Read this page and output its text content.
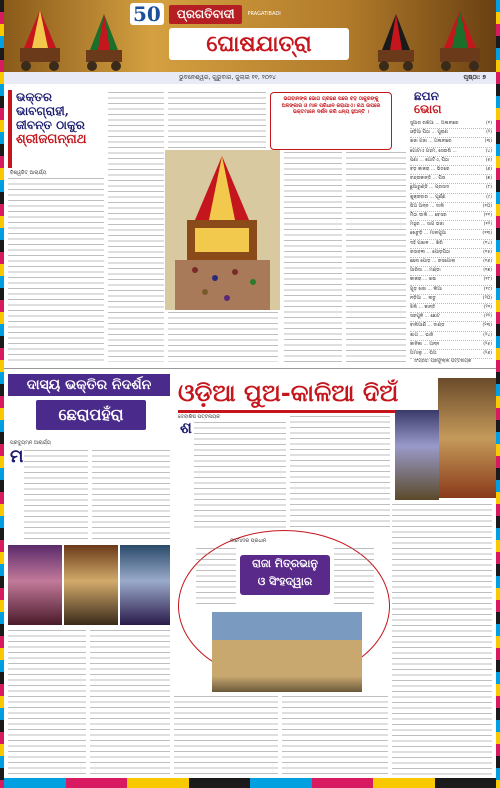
50	ପ୍ରଗତିବାଦୀ	PRAGATIBADI
ଘୋଷଯାତ୍ରା
ଭୁବନେଶ୍ୱର, ଗୁରୁବାର, ଜୁଲାଇ ୧୧, ୨୦୨୪	ପୃଷ୍ଠା: ୭
ଭକ୍ତର
ଭାବଗ୍ରାହୀ,
ଜୀବନ୍ତ ଠାକୁର
ଶ୍ରୀଜଗନ୍ନାଥ
ବିଶ୍ୱଜିତ୍ ଆଚାର୍ଯ୍ୟ
ଭଗବାନଙ୍କ ଭୋଗ ଗ୍ରହଣ ପରେ ବଡ଼ ଠାକୁରଙ୍କୁ ଅଳଙ୍କାର ଓ ମାଳ ପରିଧାନ କରାଯାଏ। ରଥ ଉପରେ ଭକ୍ତମାନେ ଦର୍ଶନ କରି ଧନ୍ୟ ହୁଅନ୍ତି ।
ଛପନ
ଭୋଗ
ସୁଆର ରଖିଆ ... ଅଳାନୀରେ	(୧)
ଓଡ଼ିଆ ପିଠା ... ପୁରାଣ	(୨)
ଖଜା ଗଜା ... ଅଳାନୀରେ	(୩)
ଗୋଟାଏ ଗହମ, ସେଉଷି ...	(୪)
ପଣା ... ଗୋଟିଏ, ପିଠା	(୫)
ବଡ଼ କାକରା ... ଭିତରେ	(୬)
ଚନ୍ଦ୍ରକାନ୍ତି ... ପିତା	(୭)
ଛୁଆରୁଣ୍ଡି ... ପ୍ରସାଦ	(୮)
ଶୁକ୍ରବାର ... ପୂର୍ଣ୍ଣ	(୯)
ଘିଅ ଅନ୍ନ ... ଦାଲି	(୧୦)
ମିଠା ଡାଲି ... ବେସର	(୧୧)
ମହୁର ... ସାଗ ଭଜା	(୧୨)
ଖେଚୁଡ଼ି ... ମାଲପୁଆ	(୧୩)
ଦହି ପଖାଳ ... ଖିରି	(୧୪)
ରସାବଳୀ ... ପୋଡ଼ପିଠା	(୧୫)
ଛେନା ପୋଡ଼ ... ରସଗୋଲା	(୧୬)
ଆରିସା ... ମଣ୍ଡା	(୧୭)
କାକରା ... ଖଇ	(୧୮)
ଗୁଡ଼ ଖଜା ... ଲିଆ	(୧୯)
ନଡ଼ିଆ ... ଲଡୁ	(୨୦)
ଝିଲି ... କାନ୍ତି	(୨୧)
ସରପୁଳି ... ଛୋଟ	(୨୨)
ବାଲିଆଣି ... ଦାଣ୍ଡ	(୨୩)
ଶାଗ ... ଭାଜି	(୨୪)
କାନିକା ... ଅନ୍ନ	(୨୫)
ଅମାଲୁ ... ଘିଅ	(୨୬)
ସଂଗ୍ରହ: ପ୍ରଫୁଲ୍ଲ ପଟ୍ଟନାୟକ
ଦାସ୍ୟ ଭକ୍ତିର ନିଦର୍ଶନ
ଛେରାପହଁରା
ପ୍ରଦ୍ୟୁମ୍ନ ଆଚାର୍ଯ୍ୟ
ମ
ଓଡ଼ିଆ ପୁଅ-କାଳିଆ ଦିଅଁ
ଦେବାଶିଷ ପଟ୍ଟନାୟକ
ଶ
ରାଜା ମିତ୍ରଭାନୁ
ଓ ସିଂହଦ୍ୱାର
ଦାମୋଦର ପ୍ରଧାନ
